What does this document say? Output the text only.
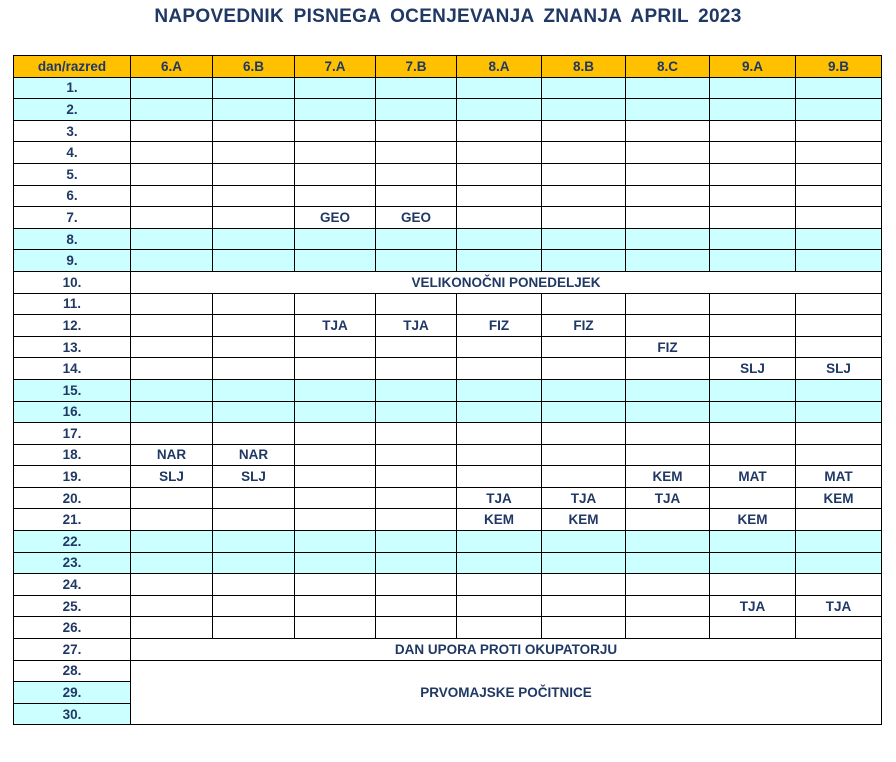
NAPOVEDNIK PISNEGA OCENJEVANJA ZNANJA APRIL 2023
dan/razred	6.A	6.B	7.A	7.B	8.A	8.B	8.C	9.A	9.B
1.									
2.									
3.									
4.									
5.									
6.									
7.			GEO	GEO					
8.									
9.									
10.	VELIKONOČNI PONEDELJEK								
11.									
12.			TJA	TJA	FIZ	FIZ			
13.							FIZ		
14.								SLJ	SLJ
15.									
16.									
17.									
18.	NAR	NAR							
19.	SLJ	SLJ					KEM	MAT	MAT
20.					TJA	TJA	TJA		KEM
21.					KEM	KEM		KEM	
22.									
23.									
24.									
25.								TJA	TJA
26.									
27.	DAN UPORA PROTI OKUPATORJU								
28.	PRVOMAJSKE POČITNICE								
29.									
30.									
